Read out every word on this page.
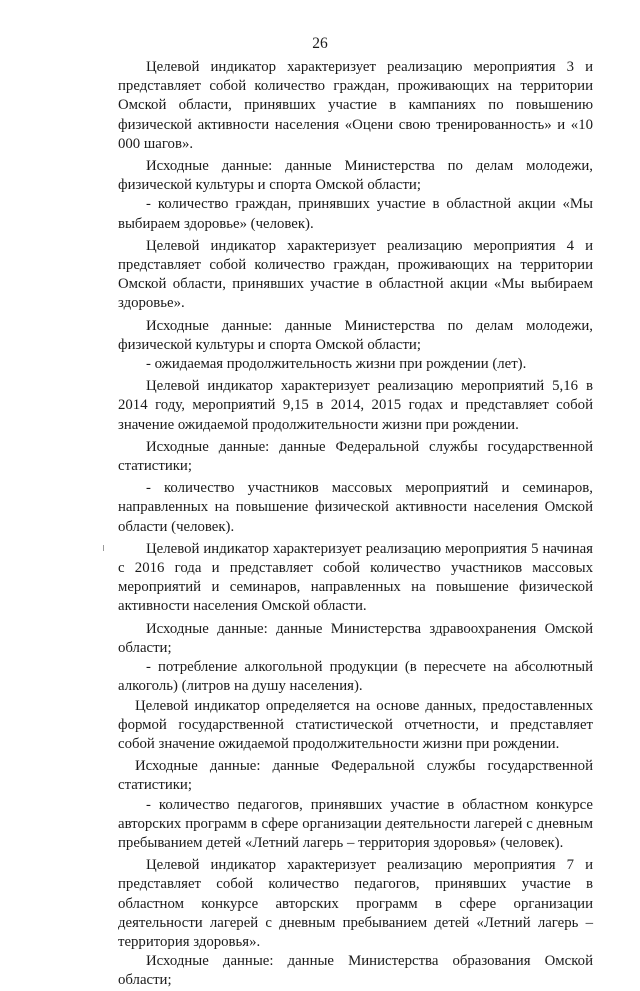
26

Целевой индикатор характеризует реализацию мероприятия 3 и представляет собой количество граждан, проживающих на территории Омской области, принявших участие в кампаниях по повышению физической активности населения «Оцени свою тренированность» и «10 000 шагов».

Исходные данные: данные Министерства по делам молодежи, физической культуры и спорта Омской области;

- количество граждан, принявших участие в областной акции «Мы выбираем здоровье» (человек).

Целевой индикатор характеризует реализацию мероприятия 4 и представляет собой количество граждан, проживающих на территории Омской области, принявших участие в областной акции «Мы выбираем здоровье».

Исходные данные: данные Министерства по делам молодежи, физической культуры и спорта Омской области;

- ожидаемая продолжительность жизни при рождении (лет).

Целевой индикатор характеризует реализацию мероприятий 5,16 в 2014 году, мероприятий 9,15 в 2014, 2015 годах и представляет собой значение ожидаемой продолжительности жизни при рождении.

Исходные данные: данные Федеральной службы государственной статистики;

- количество участников массовых мероприятий и семинаров, направленных на повышение физической активности населения Омской области (человек).

Целевой индикатор характеризует реализацию мероприятия 5 начиная с 2016 года и представляет собой количество участников массовых мероприятий и семинаров, направленных на повышение физической активности населения Омской области.

Исходные данные: данные Министерства здравоохранения Омской области;

- потребление алкогольной продукции (в пересчете на абсолютный алкоголь) (литров на душу населения).

Целевой индикатор определяется на основе данных, предоставленных формой государственной статистической отчетности, и представляет собой значение ожидаемой продолжительности жизни при рождении.

Исходные данные: данные Федеральной службы государственной статистики;

- количество педагогов, принявших участие в областном конкурсе авторских программ в сфере организации деятельности лагерей с дневным пребыванием детей «Летний лагерь – территория здоровья» (человек).

Целевой индикатор характеризует реализацию мероприятия 7 и представляет собой количество педагогов, принявших участие в областном конкурсе авторских программ в сфере организации деятельности лагерей с дневным пребыванием детей «Летний лагерь – территория здоровья».

Исходные данные: данные Министерства образования Омской области;
